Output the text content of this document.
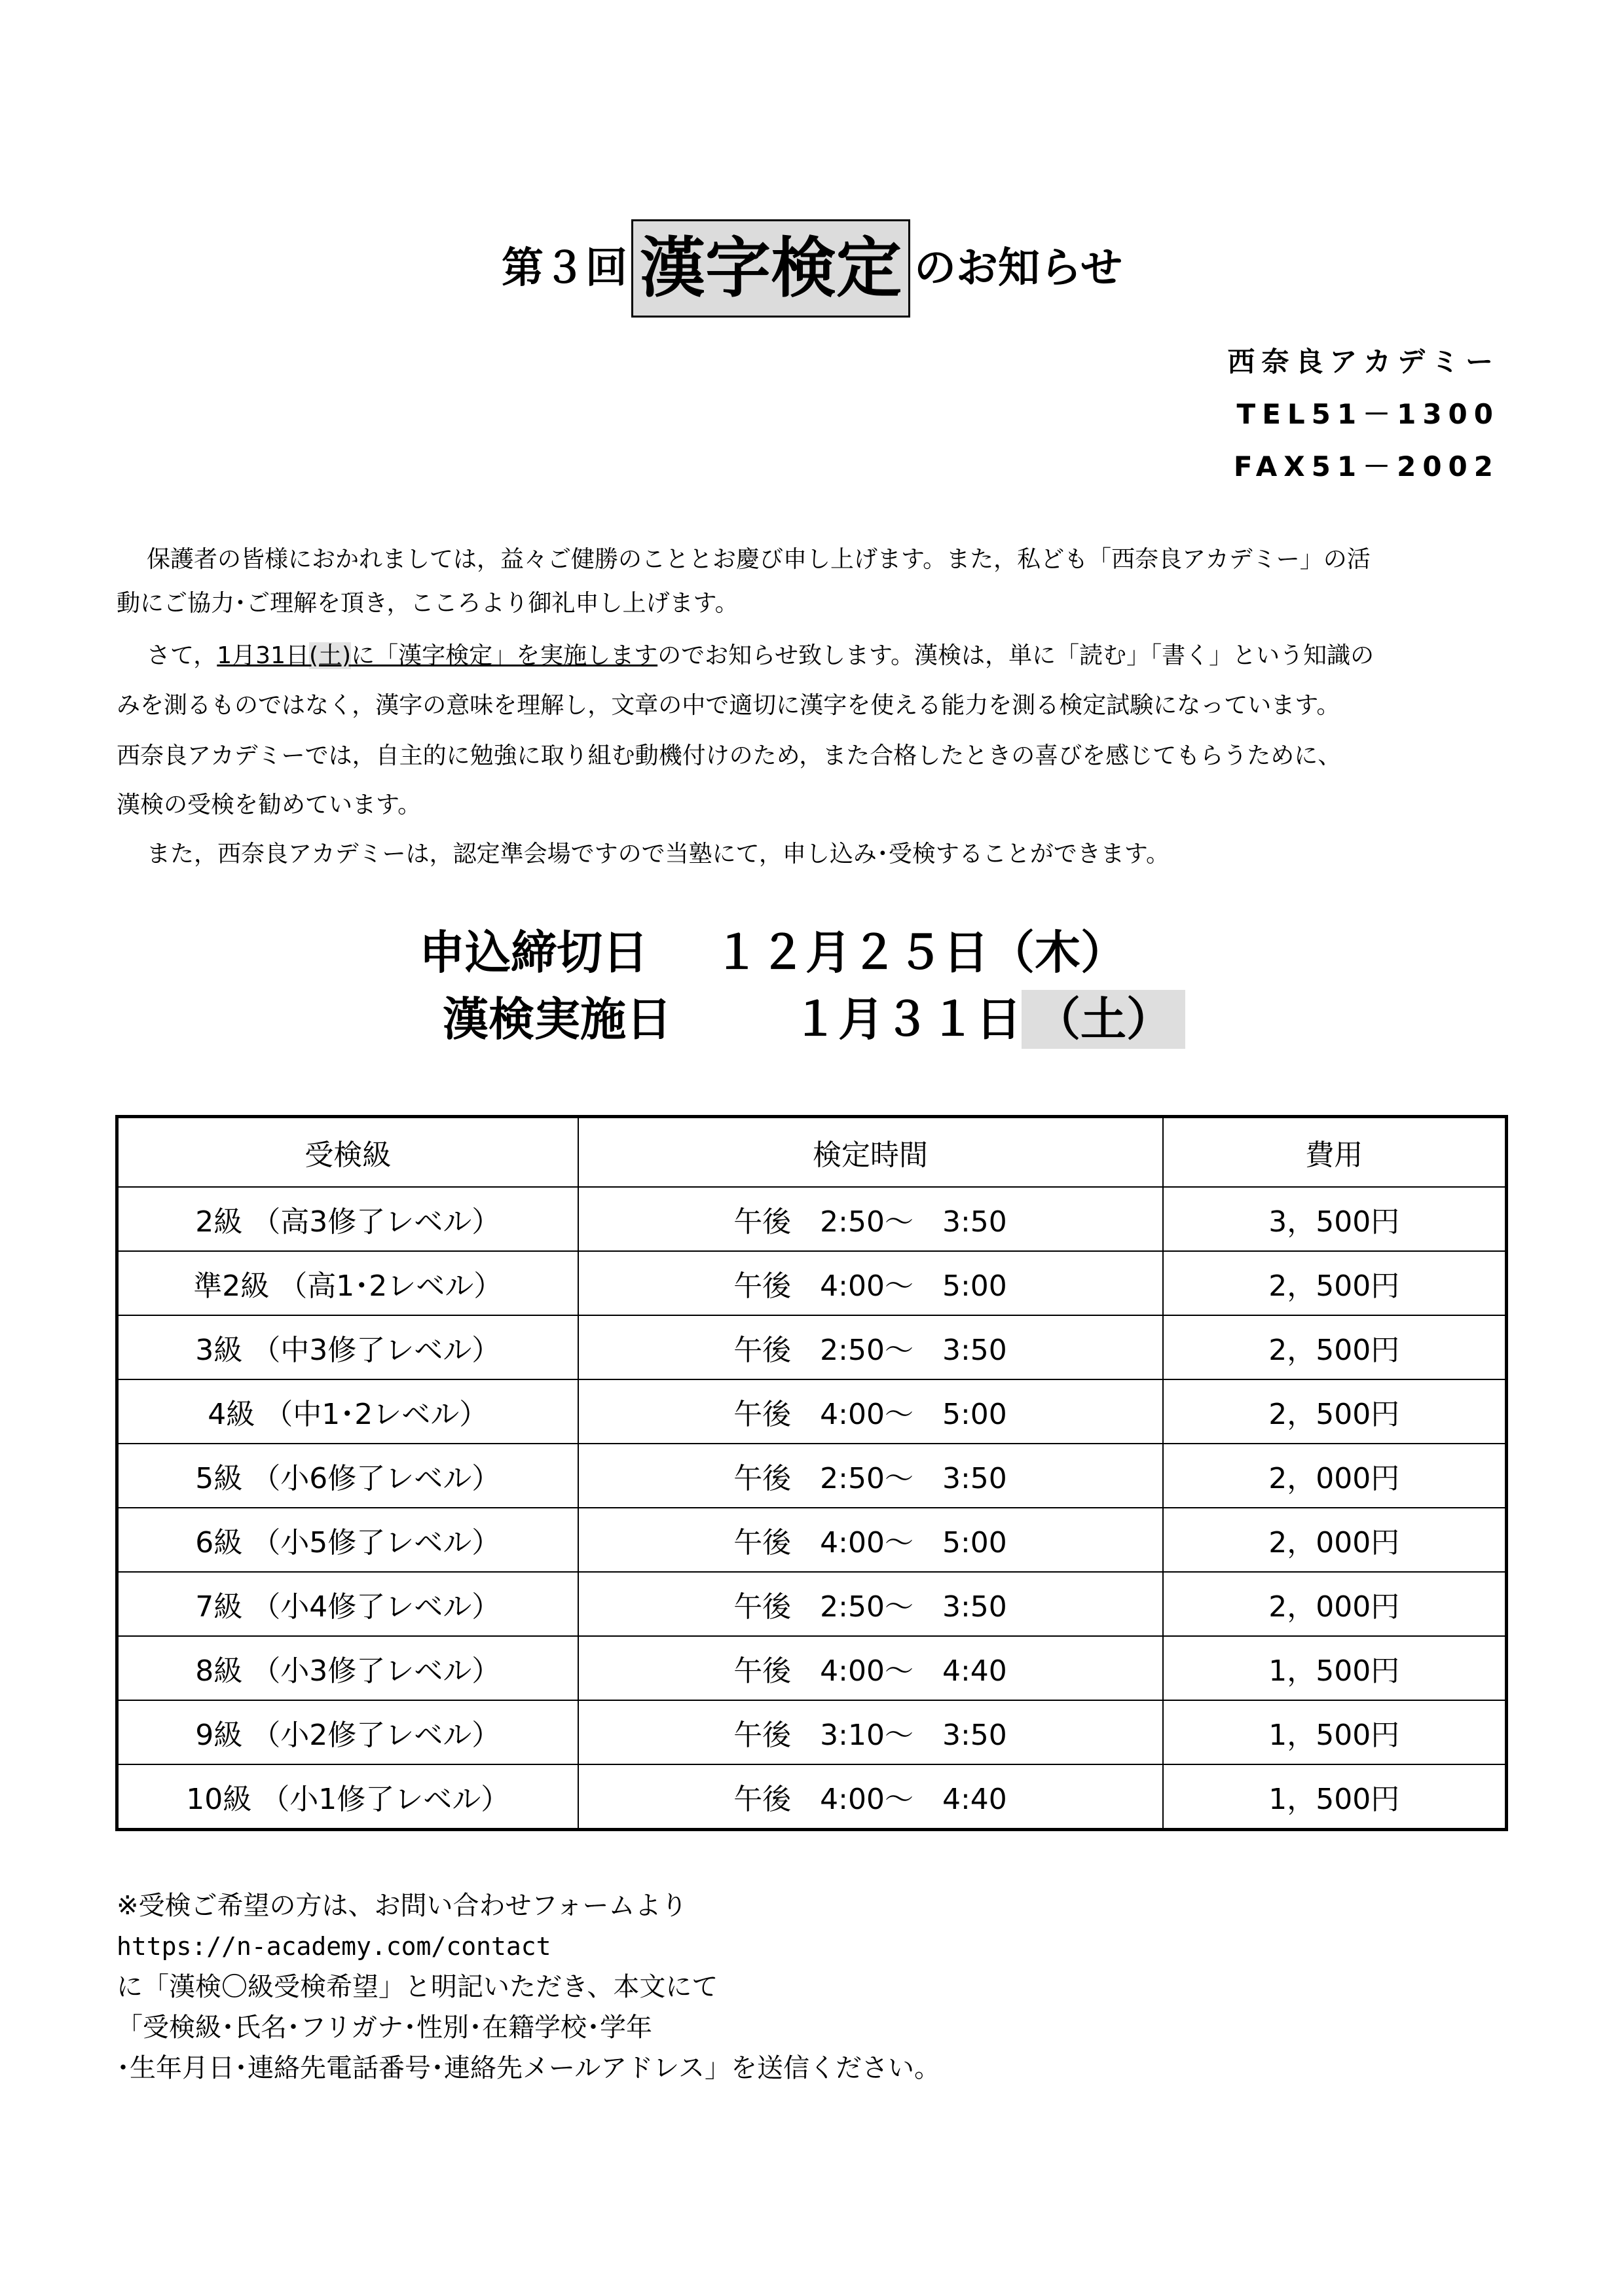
第３回 漢字検定 のお知らせ
西奈良アカデミー
TEL51－1300
FAX51－2002
保護者の皆様におかれましては，益々ご健勝のこととお慶び申し上げます。また，私ども「西奈良アカデミー」の活
動にご協力･ご理解を頂き，こころより御礼申し上げます。
さて，1月31日(土)に「漢字検定」を実施しますのでお知らせ致します。漢検は，単に「読む」「書く」という知識の
みを測るものではなく，漢字の意味を理解し，文章の中で適切に漢字を使える能力を測る検定試験になっています。
西奈良アカデミーでは，自主的に勉強に取り組む動機付けのため，また合格したときの喜びを感じてもらうために、
漢検の受検を勧めています。
また，西奈良アカデミーは，認定準会場ですので当塾にて，申し込み･受検することができます。
申込締切日 １２月２５日（木）
漢検実施日	１月３１日 （土）
受検級	検定時間	費用
2級 （高3修了レベル）	午後　2:50～　3:50	3，500円
準2級 （高1･2レベル）	午後　4:00～　5:00	2，500円
3級 （中3修了レベル）	午後　2:50～　3:50	2，500円
4級 （中1･2レベル）	午後　4:00～　5:00	2，500円
5級 （小6修了レベル）	午後　2:50～　3:50	2，000円
6級 （小5修了レベル）	午後　4:00～　5:00	2，000円
7級 （小4修了レベル）	午後　2:50～　3:50	2，000円
8級 （小3修了レベル）	午後　4:00～　4:40	1，500円
9級 （小2修了レベル）	午後　3:10～　3:50	1，500円
10級 （小1修了レベル）	午後　4:00～　4:40	1，500円
※受検ご希望の方は、お問い合わせフォームより
https://n-academy.com/contact
に「漢検〇級受検希望」と明記いただき、本文にて
「受検級･氏名･フリガナ･性別･在籍学校･学年
･生年月日･連絡先電話番号･連絡先メールアドレス」を送信ください。
